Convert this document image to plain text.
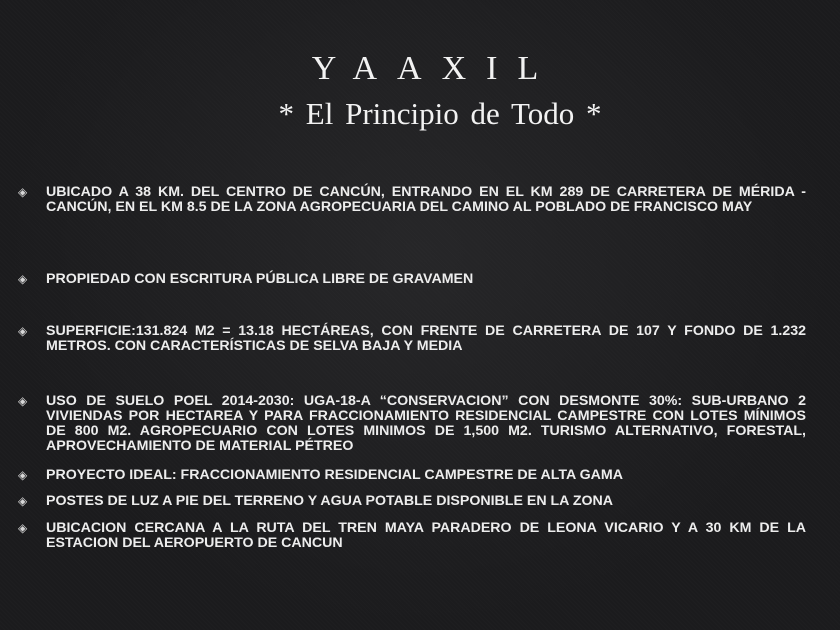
YAAXIL
* El Principio de Todo *
◈ UBICADO A 38 KM. DEL CENTRO DE CANCÚN, ENTRANDO EN EL KM 289 DE CARRETERA DE MÉRIDA - CANCÚN, EN EL KM 8.5 DE LA ZONA AGROPECUARIA DEL CAMINO AL POBLADO DE FRANCISCO MAY
◈ PROPIEDAD CON ESCRITURA PÚBLICA LIBRE DE GRAVAMEN
◈ SUPERFICIE:131.824 M2 = 13.18 HECTÁREAS, CON FRENTE DE CARRETERA DE 107 Y FONDO DE 1.232 METROS. CON CARACTERÍSTICAS DE SELVA BAJA Y MEDIA
◈ USO DE SUELO POEL 2014-2030: UGA-18-A “CONSERVACION” CON DESMONTE 30%: SUB-URBANO 2 VIVIENDAS POR HECTAREA Y PARA FRACCIONAMIENTO RESIDENCIAL CAMPESTRE CON LOTES MÍNIMOS DE 800 M2. AGROPECUARIO CON LOTES MINIMOS DE 1,500 M2. TURISMO ALTERNATIVO, FORESTAL, APROVECHAMIENTO DE MATERIAL PÉTREO
◈ PROYECTO IDEAL: FRACCIONAMIENTO RESIDENCIAL CAMPESTRE DE ALTA GAMA
◈ POSTES DE LUZ A PIE DEL TERRENO Y AGUA POTABLE DISPONIBLE EN LA ZONA
◈ UBICACION CERCANA A LA RUTA DEL TREN MAYA PARADERO DE LEONA VICARIO Y A 30 KM DE LA ESTACION DEL AEROPUERTO DE CANCUN
